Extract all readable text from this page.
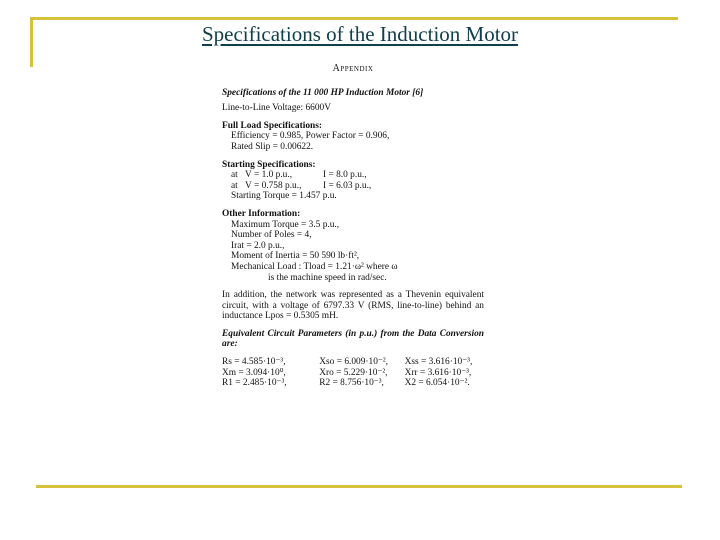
Specifications of the Induction Motor
Appendix
Specifications of the 11 000 HP Induction Motor [6]
Line-to-Line Voltage: 6600V
Full Load Specifications:
Efficiency = 0.985, Power Factor = 0.906,
Rated Slip = 0.00622.
Starting Specifications:
at V = 1.0 p.u.,	I = 8.0 p.u.,
at V = 0.758 p.u.,	I = 6.03 p.u.,
Starting Torque = 1.457 p.u.
Other Information:
Maximum Torque = 3.5 p.u.,
Number of Poles = 4,
Irat = 2.0 p.u.,
Moment of Inertia = 50 590 lb·ft²,
Mechanical Load : Tload = 1.21·ω² where ω
is the machine speed in rad/sec.
In addition, the network was represented as a Thevenin equivalent circuit, with a voltage of 6797.33 V (RMS, line-to-line) behind an inductance Lpos = 0.5305 mH.
Equivalent Circuit Parameters (in p.u.) from the Data Conversion are:
Rs = 4.585·10⁻³,	Xso = 6.009·10⁻²,	Xss = 3.616·10⁻³,
Xm = 3.094·10⁰,	Xro = 5.229·10⁻²,	Xrr = 3.616·10⁻³,
R1 = 2.485·10⁻³,	R2 = 8.756·10⁻³,	X2 = 6.054·10⁻².
